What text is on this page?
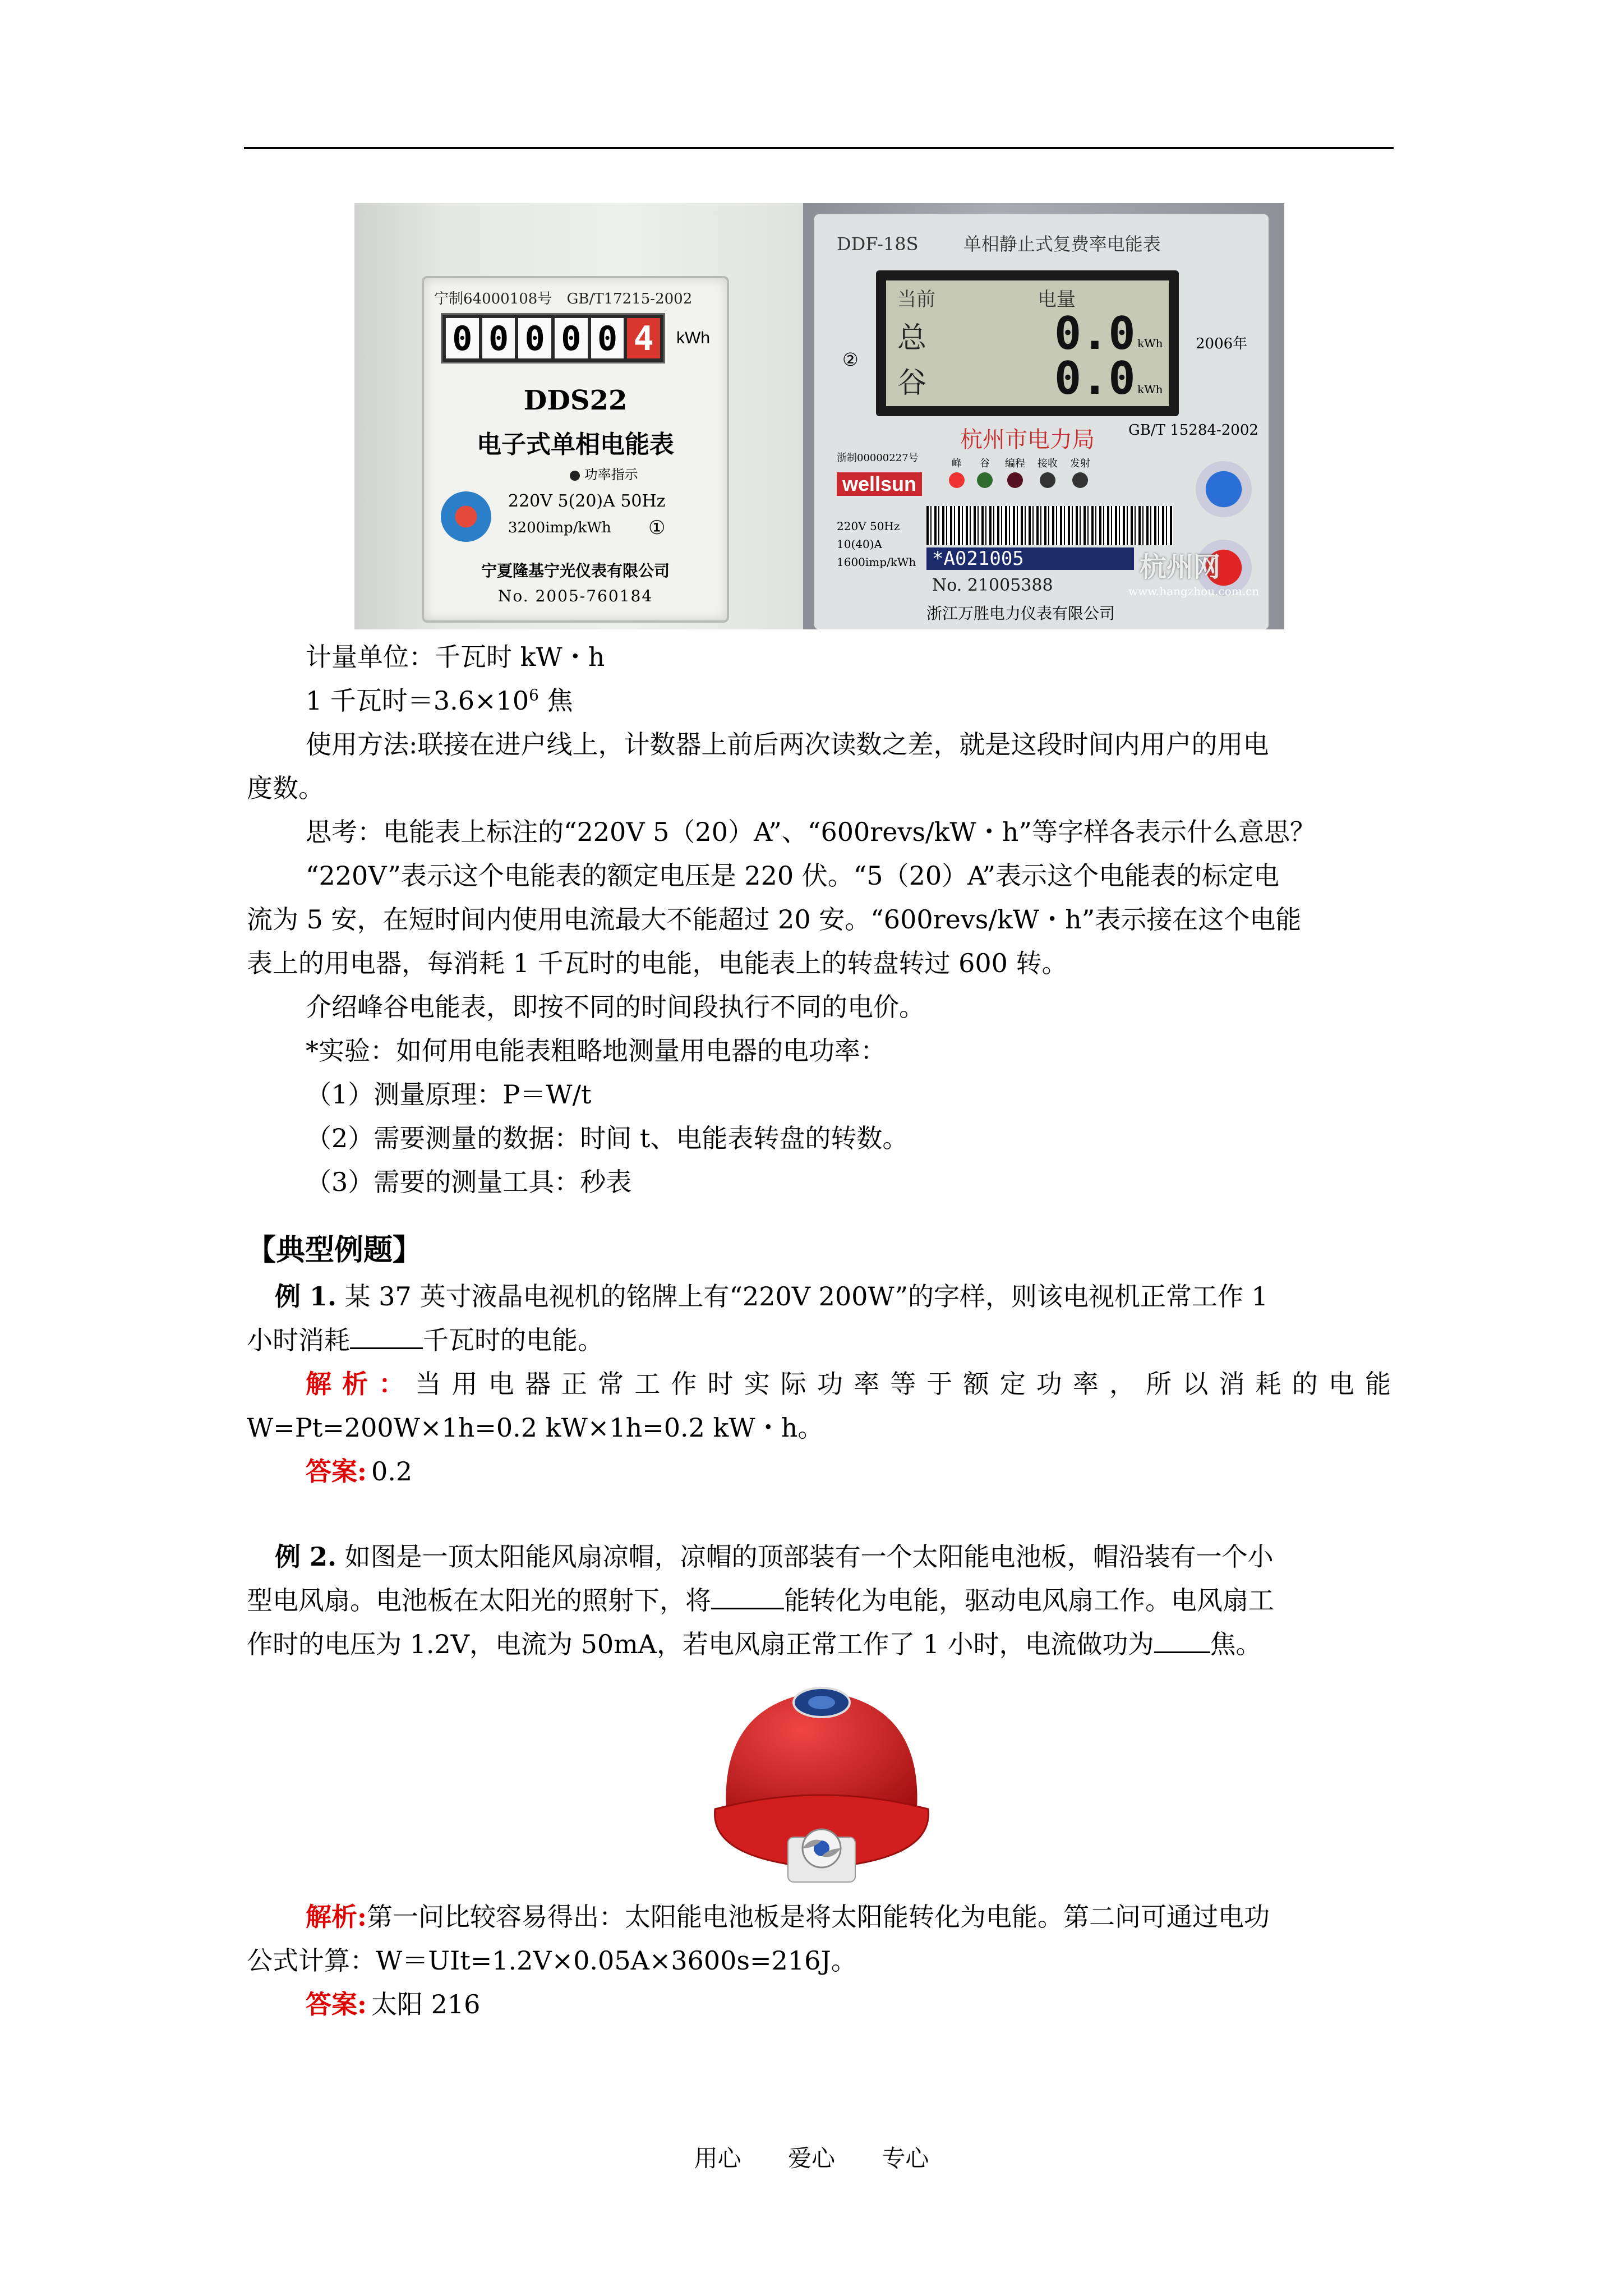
宁制64000108号 GB/T17215-2002
0 0 0 0 0 4	kWh
DDS22
电子式单相电能表
功率指示
220V 5(20)A 50Hz
3200imp/kWh ①
宁夏隆基宁光仪表有限公司
No. 2005-760184
DDF-18S	单相静止式复费率电能表
当前	电量
总
谷
0.0 kWh
0.0 kWh
②
2006年
杭州市电力局 GB/T 15284-2002
浙制00000227号
wellsun
峰 谷 编程 接收 发射
220V 50Hz
10(40)A
1600imp/kWh *A021005
No. 21005388
浙江万胜电力仪表有限公司
杭州网
www.hangzhou.com.cn
计量单位：千瓦时 kW・h
1 千瓦时$=3.6\times 10^6$ 焦
使用方法:联接在进户线上，计数器上前后两次读数之差，就是这段时间内用户的用电
度数。
思考：电能表上标注的“220V 5（20）A”、“600revs/kW・h”等字样各表示什么意思？
“220V”表示这个电能表的额定电压是 220 伏。“5（20）A”表示这个电能表的标定电
流为 5 安，在短时间内使用电流最大不能超过 20 安。“600revs/kW・h”表示接在这个电能
表上的用电器，每消耗 1 千瓦时的电能，电能表上的转盘转过 600 转。
介绍峰谷电能表，即按不同的时间段执行不同的电价。
*实验：如何用电能表粗略地测量用电器的电功率：
（1）测量原理：P＝W/t
（2）需要测量的数据：时间 t、电能表转盘的转数。
（3）需要的测量工具：秒表
【典型例题】
例 1. 某 37 英寸液晶电视机的铭牌上有“220V 200W”的字样，则该电视机正常工作 1
小时消耗	千瓦时的电能。
解析：当用电器正常工作时实际功率等于额定功率，所以消耗的电能
W=Pt=200W×1h=0.2 kW×1h=0.2 kW・h。
答案: 0.2
例 2. 如图是一顶太阳能风扇凉帽，凉帽的顶部装有一个太阳能电池板，帽沿装有一个小
型电风扇。电池板在太阳光的照射下，将	能转化为电能，驱动电风扇工作。电风扇工
作时的电压为 1.2V，电流为 50mA，若电风扇正常工作了 1 小时，电流做功为 焦。
解析:第一问比较容易得出：太阳能电池板是将太阳能转化为电能。第二问可通过电功
公式计算：W＝UIt=1.2V×0.05A×3600s=216J。
答案: 太阳 216
用心 爱心 专心
